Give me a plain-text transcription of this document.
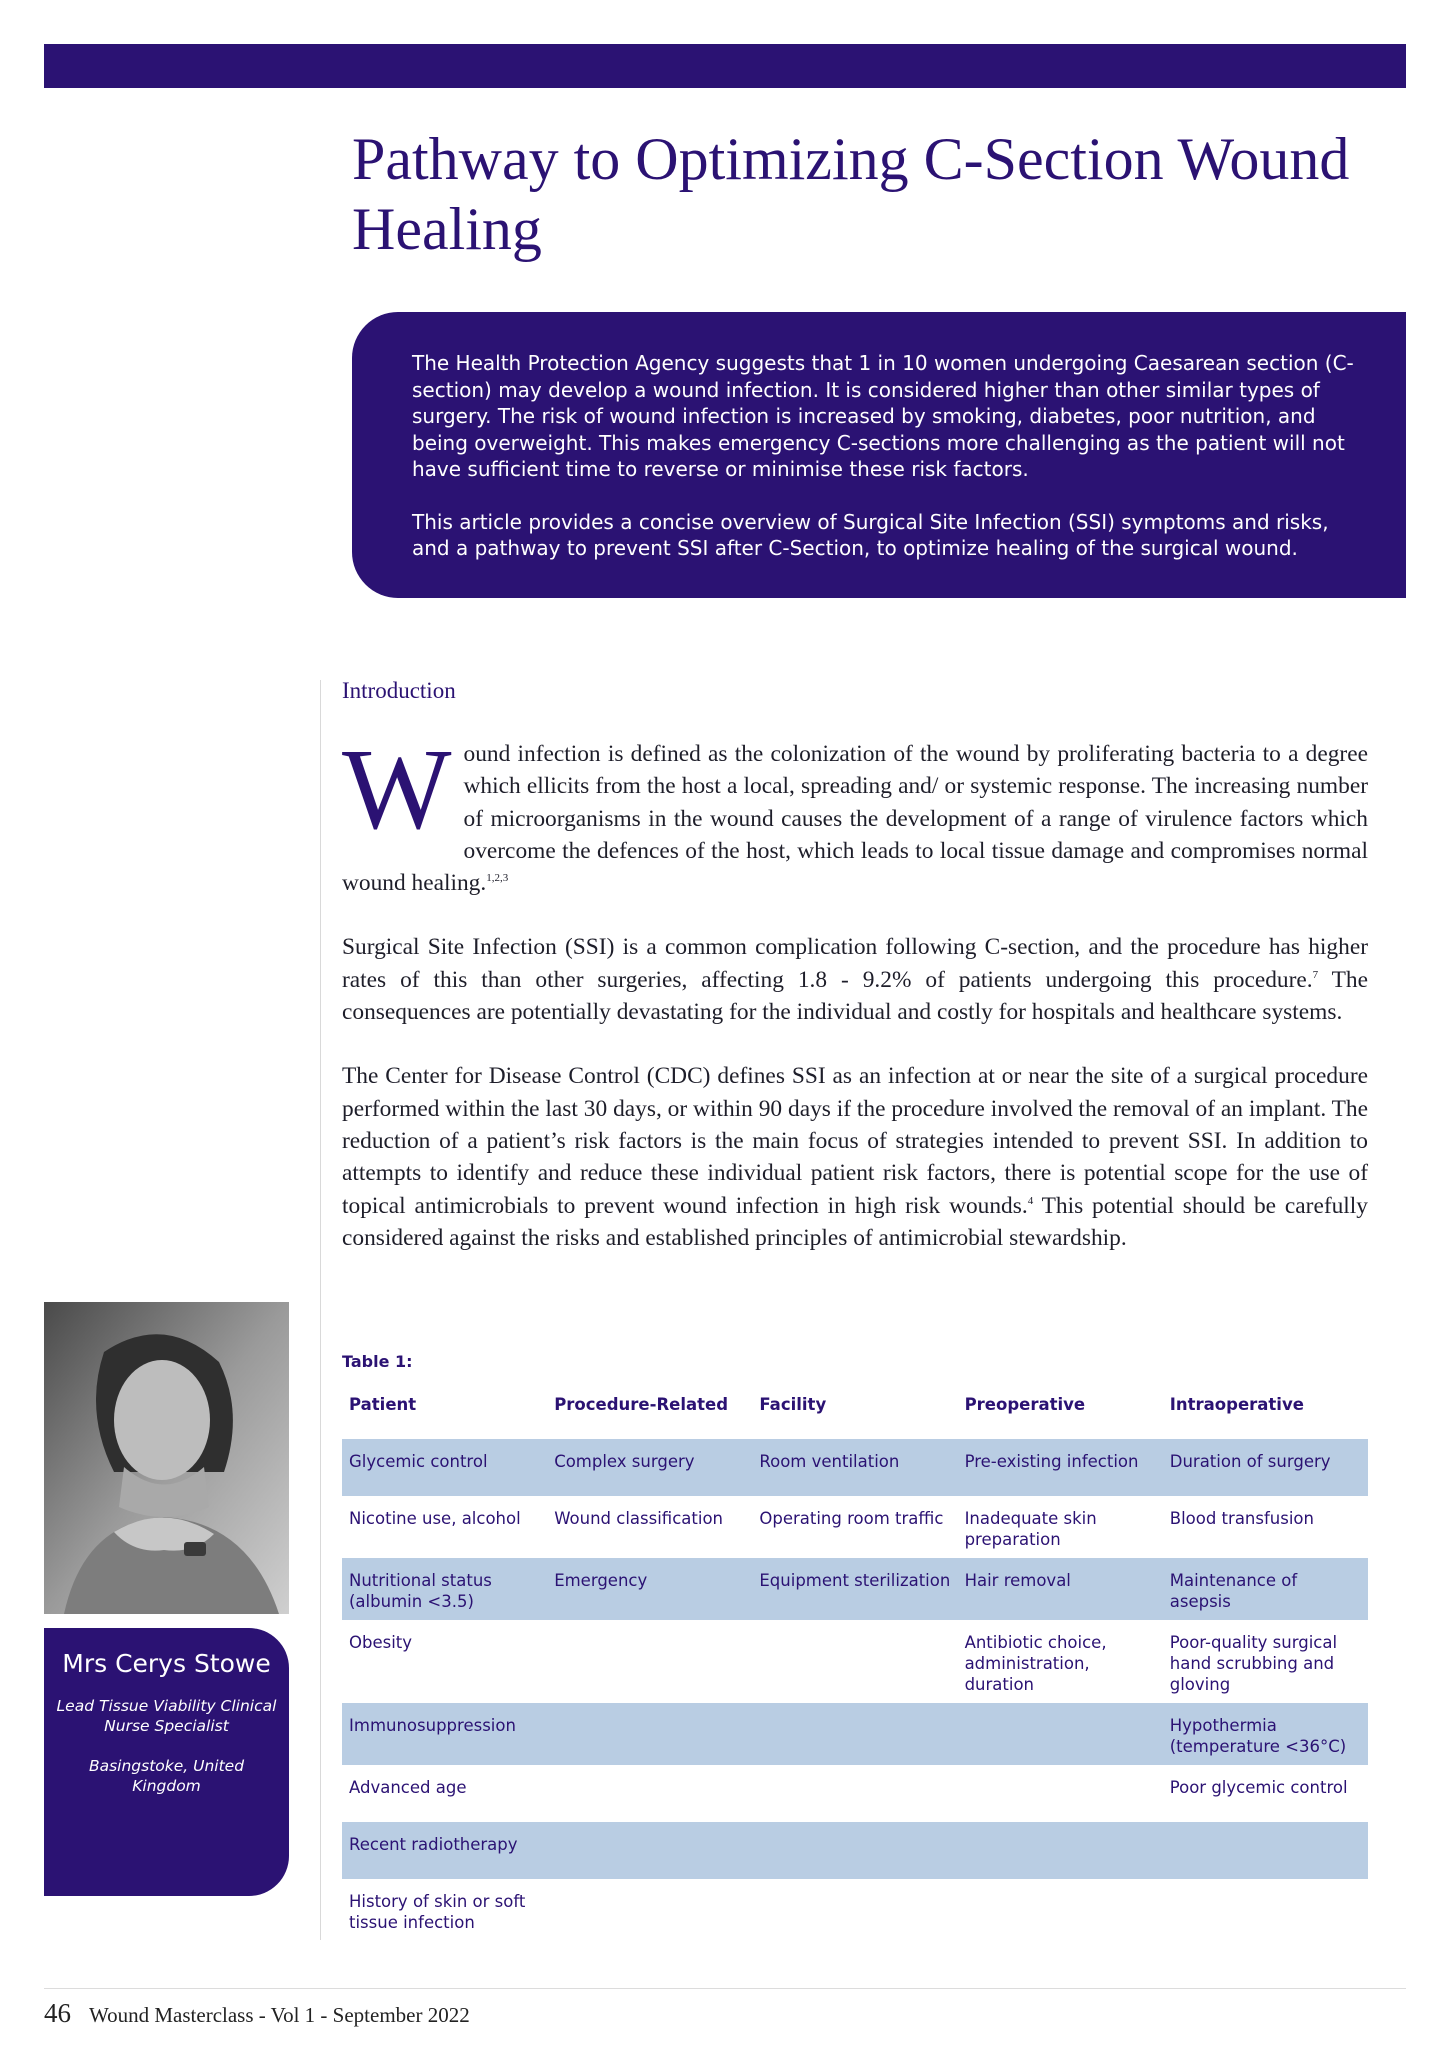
Pathway to Optimizing C-Section Wound Healing

The Health Protection Agency suggests that 1 in 10 women undergoing Caesarean section (C-section) may develop a wound infection. It is considered higher than other similar types of surgery. The risk of wound infection is increased by smoking, diabetes, poor nutrition, and being overweight. This makes emergency C-sections more challenging as the patient will not have sufficient time to reverse or minimise these risk factors.

This article provides a concise overview of Surgical Site Infection (SSI) symptoms and risks, and a pathway to prevent SSI after C-Section, to optimize healing of the surgical wound.

Introduction

Wound infection is defined as the colonization of the wound by proliferating bacteria to a degree which ellicits from the host a local, spreading and/ or systemic response. The increasing number of microorganisms in the wound causes the development of a range of virulence factors which overcome the defences of the host, which leads to local tissue damage and compromises normal wound healing.$^{1,2,3}$

Surgical Site Infection (SSI) is a common complication following C-section, and the procedure has higher rates of this than other surgeries, affecting 1.8 - 9.2% of patients undergoing this procedure.$^7$ The consequences are potentially devastating for the individual and costly for hospitals and healthcare systems.

The Center for Disease Control (CDC) defines SSI as an infection at or near the site of a surgical procedure performed within the last 30 days, or within 90 days if the procedure involved the removal of an implant. The reduction of a patient’s risk factors is the main focus of strategies intended to prevent SSI. In addition to attempts to identify and reduce these individual patient risk factors, there is potential scope for the use of topical antimicrobials to prevent wound infection in high risk wounds.$^4$ This potential should be carefully considered against the risks and established principles of antimicrobial stewardship.

Mrs Cerys Stowe
Lead Tissue Viability Clinical Nurse Specialist
Basingstoke, United Kingdom
Table 1:
Patient	Procedure-Related	Facility	Preoperative	Intraoperative
Glycemic control	Complex surgery	Room ventilation	Pre-existing infection	Duration of surgery
Nicotine use, alcohol	Wound classification	Operating room traffic	Inadequate skin preparation	Blood transfusion
Nutritional status (albumin <3.5)	Emergency	Equipment sterilization	Hair removal	Maintenance of asepsis
Obesity			Antibiotic choice, administration, duration	Poor-quality surgical hand scrubbing and gloving
Immunosuppression				Hypothermia (temperature <36°C)
Advanced age				Poor glycemic control
Recent radiotherapy				
History of skin or soft tissue infection				
46 Wound Masterclass - Vol 1 - September 2022
